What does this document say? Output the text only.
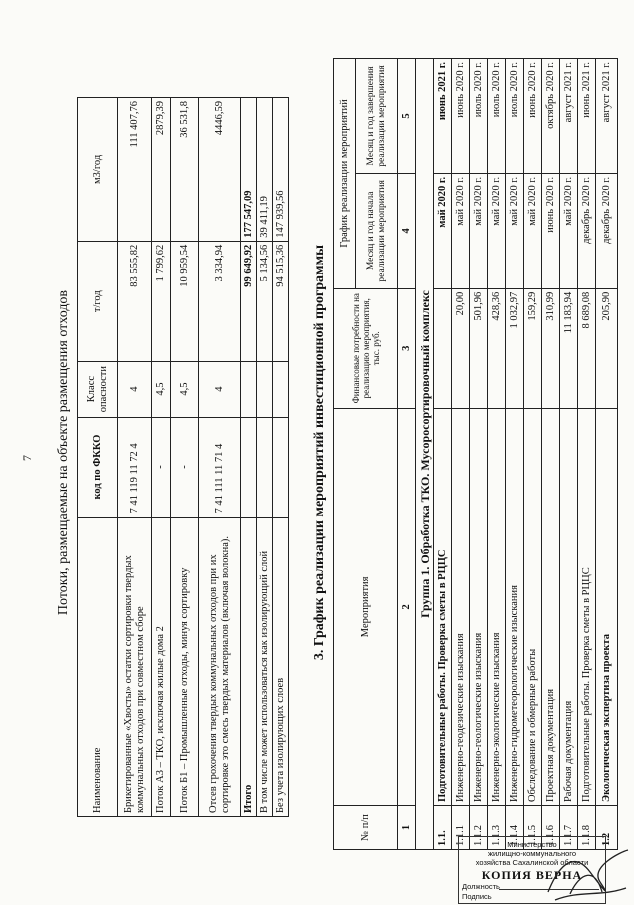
7 Потоки, размещаемые на объекте размещения отходов
Наименование	код по ФККО	Класс опасности	т/год	м3/год
Брикетированные «Хвосты» остатки сортировки твердых коммунальных отходов при совместном сборе	7 41 119 11 72 4	4	83 555,82	111 407,76
Поток А3 – ТКО, исключая жилые дома 2	-	4,5	1 799,62	2879,39
Поток Б1 – Промышленные отходы, минуя сортировку	-	4,5	10 959,54	36 531,8
Отсев грохочения твердых коммунальных отходов при их сортировке это смесь твердых материалов (включая волокна).	7 41 111 11 71 4	4	3 334,94	4446,59
Итого			99 649,92	177 547,09
В том числе может использоваться как изолирующий слой			5 134,56	39 411,19
Без учета изолирующих слоев			94 515,36	147 939,56
3. График реализации мероприятий инвестиционной программы
№ п/п	Мероприятия	Финансовые потребности на реализацию мероприятия, тыс. руб.	График реализации мероприятий	
			Месяц и год начала реализации мероприятия	Месяц и год завершения реализации мероприятия
1	2	3	4	5
Группа 1. Обработка ТКО. Мусоросортировочный комплекс				
1.1.	Подготовительные работы. Проверка сметы в РЦЦС		май 2020 г.	июнь 2021 г.
1.1.1	Инженерно-геодезические изыскания	20,00	май 2020 г.	июнь 2020 г.
1.1.2	Инженерно-геологические изыскания	501,96	май 2020 г.	июль 2020 г.
1.1.3	Инженерно-экологические изыскания	428,36	май 2020 г.	июль 2020 г.
1.1.4	Инженерно-гидрометеорологические изыскания	1 032,97	май 2020 г.	июль 2020 г.
1.1.5	Обследование и обмерные работы	159,29	май 2020 г.	июнь 2020 г.
1.1.6	Проектная документация	310,99	июнь 2020 г.	октябрь 2020 г.
1.1.7	Рабочая документация	11 183,94	май 2020 г.	август 2021 г.
1.1.8	Подготовительные работы. Проверка сметы в РЦЦС	8 689,08	декабрь 2020 г.	июнь 2021 г.
1.2	Экологическая экспертиза проекта	205,90	декабрь 2020 г.	август 2021 г.
Министерство
жилищно-коммунального
хозяйства Сахалинской области
КОПИЯ ВЕРНА
Должность
Подпись
